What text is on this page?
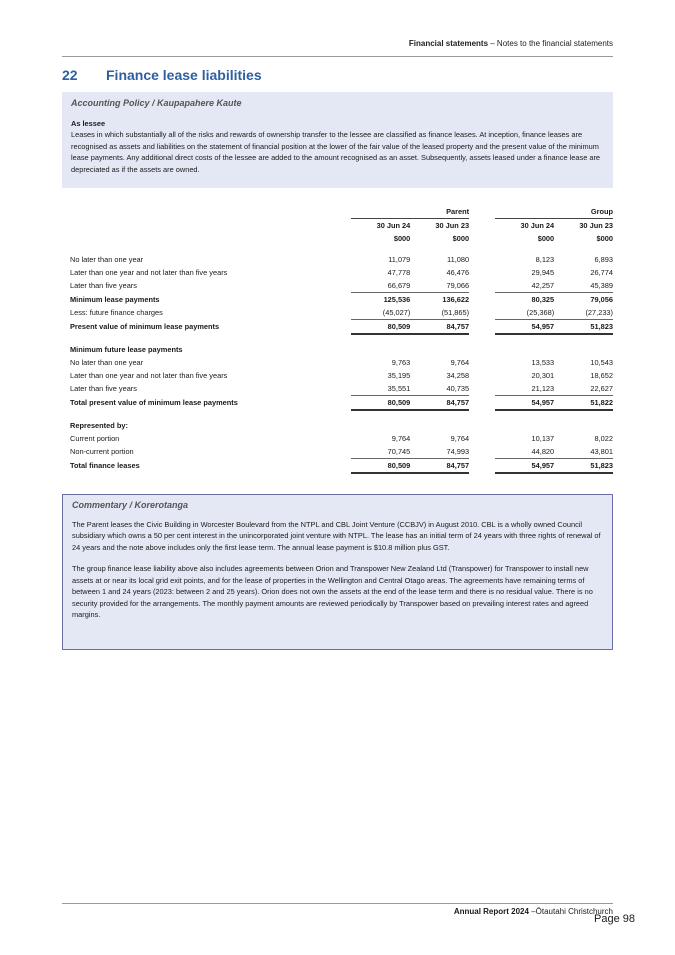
Financial statements – Notes to the financial statements
22 Finance lease liabilities
Accounting Policy / Kaupapahere Kaute
As lessee
Leases in which substantially all of the risks and rewards of ownership transfer to the lessee are classified as finance leases. At inception, finance leases are recognised as assets and liabilities on the statement of financial position at the lower of the fair value of the leased property and the present value of the minimum lease payments. Any additional direct costs of the lessee are added to the amount recognised as an asset. Subsequently, assets leased under a finance lease are depreciated as if the assets are owned.
	Parent			Group	
	30 Jun 24	30 Jun 23		30 Jun 24	30 Jun 23
	$000	$000		$000	$000

No later than one year	11,079	11,080		8,123	6,893
Later than one year and not later than five years	47,778	46,476		29,945	26,774
Later than five years	66,679	79,066		42,257	45,389
Minimum lease payments	125,536	136,622		80,325	79,056
Less: future finance charges	(45,027)	(51,865)		(25,368)	(27,233)
Present value of minimum lease payments	80,509	84,757		54,957	51,823

Minimum future lease payments					
No later than one year	9,763	9,764		13,533	10,543
Later than one year and not later than five years	35,195	34,258		20,301	18,652
Later than five years	35,551	40,735		21,123	22,627
Total present value of minimum lease payments	80,509	84,757		54,957	51,822

Represented by:					
Current portion	9,764	9,764		10,137	8,022
Non-current portion	70,745	74,993		44,820	43,801
Total finance leases	80,509	84,757		54,957	51,823
Commentary / Korerotanga

The Parent leases the Civic Building in Worcester Boulevard from the NTPL and CBL Joint Venture (CCBJV) in August 2010. CBL is a wholly owned Council subsidiary which owns a 50 per cent interest in the unincorporated joint venture with NTPL. The lease has an initial term of 24 years with three rights of renewal of 24 years and the note above includes only the first lease term. The annual lease payment is $10.8 million plus GST.

The group finance lease liability above also includes agreements between Orion and Transpower New Zealand Ltd (Transpower) for Transpower to install new assets at or near its local grid exit points, and for the lease of properties in the Wellington and Central Otago areas. The agreements have remaining terms of between 1 and 24 years (2023: between 2 and 25 years). Orion does not own the assets at the end of the lease term and there is no residual value. There is no security provided for the arrangements. The monthly payment amounts are reviewed periodically by Transpower based on prevailing interest rates and agreed margins.

Annual Report 2024 –Ōtautahi Christchurch
Page 98
